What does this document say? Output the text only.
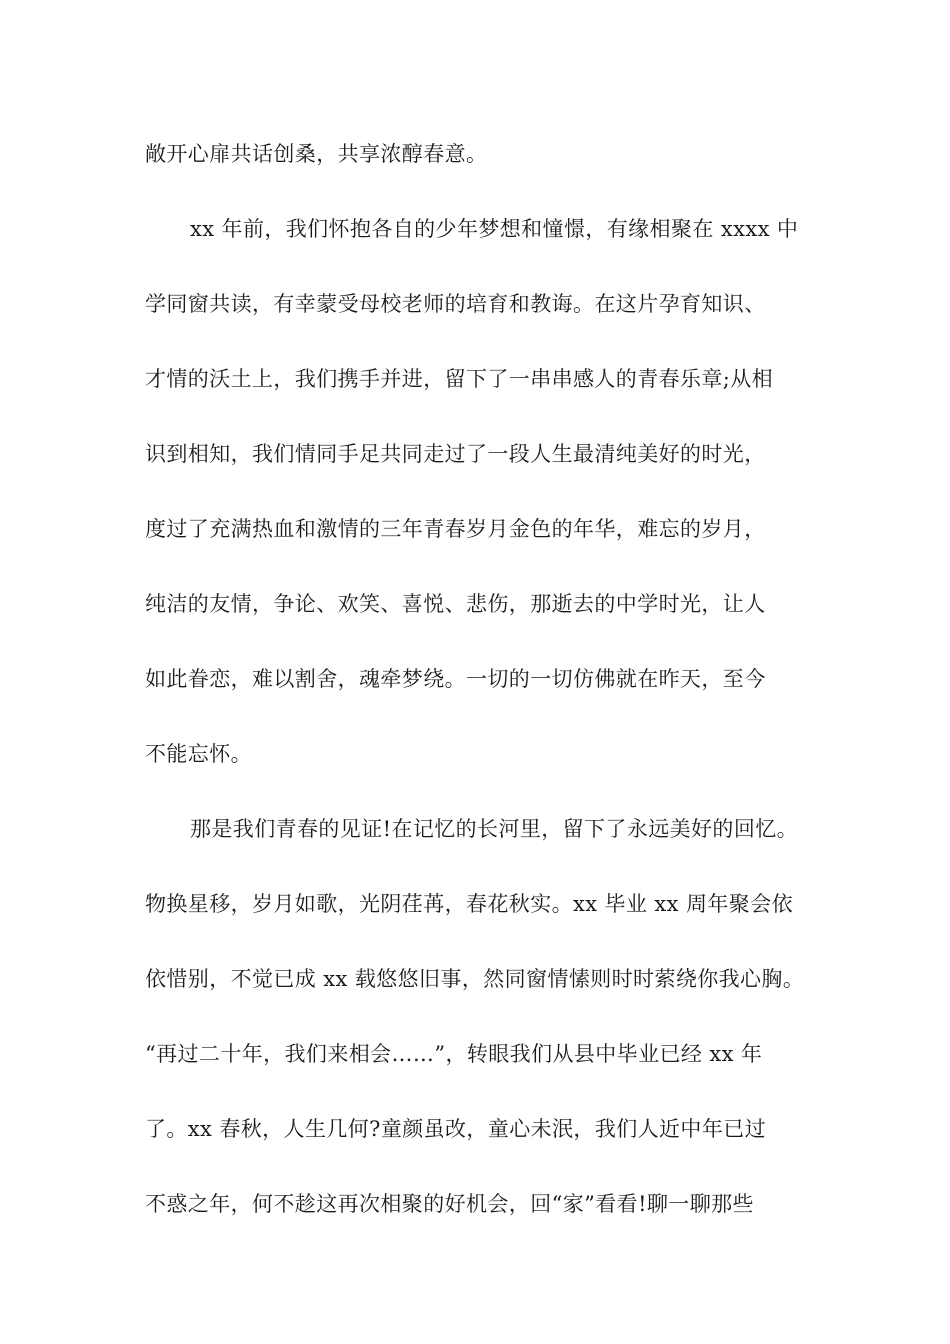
敞开心扉共话创桑，共享浓醇春意。
xx 年前，我们怀抱各自的少年梦想和憧憬，有缘相聚在 xxxx 中
学同窗共读，有幸蒙受母校老师的培育和教诲。在这片孕育知识、
才情的沃土上，我们携手并进，留下了一串串感人的青春乐章;从相
识到相知，我们情同手足共同走过了一段人生最清纯美好的时光，
度过了充满热血和激情的三年青春岁月金色的年华，难忘的岁月，
纯洁的友情，争论、欢笑、喜悦、悲伤，那逝去的中学时光，让人
如此眷恋，难以割舍，魂牵梦绕。一切的一切仿佛就在昨天，至今
不能忘怀。
那是我们青春的见证!在记忆的长河里，留下了永远美好的回忆。
物换星移，岁月如歌，光阴荏苒，春花秋实。xx 毕业 xx 周年聚会依
依惜别，不觉已成 xx 载悠悠旧事，然同窗情愫则时时萦绕你我心胸。
“再过二十年，我们来相会……”，转眼我们从县中毕业已经 xx 年
了。xx 春秋，人生几何?童颜虽改，童心未泯，我们人近中年已过
不惑之年，何不趁这再次相聚的好机会，回“家”看看!聊一聊那些
